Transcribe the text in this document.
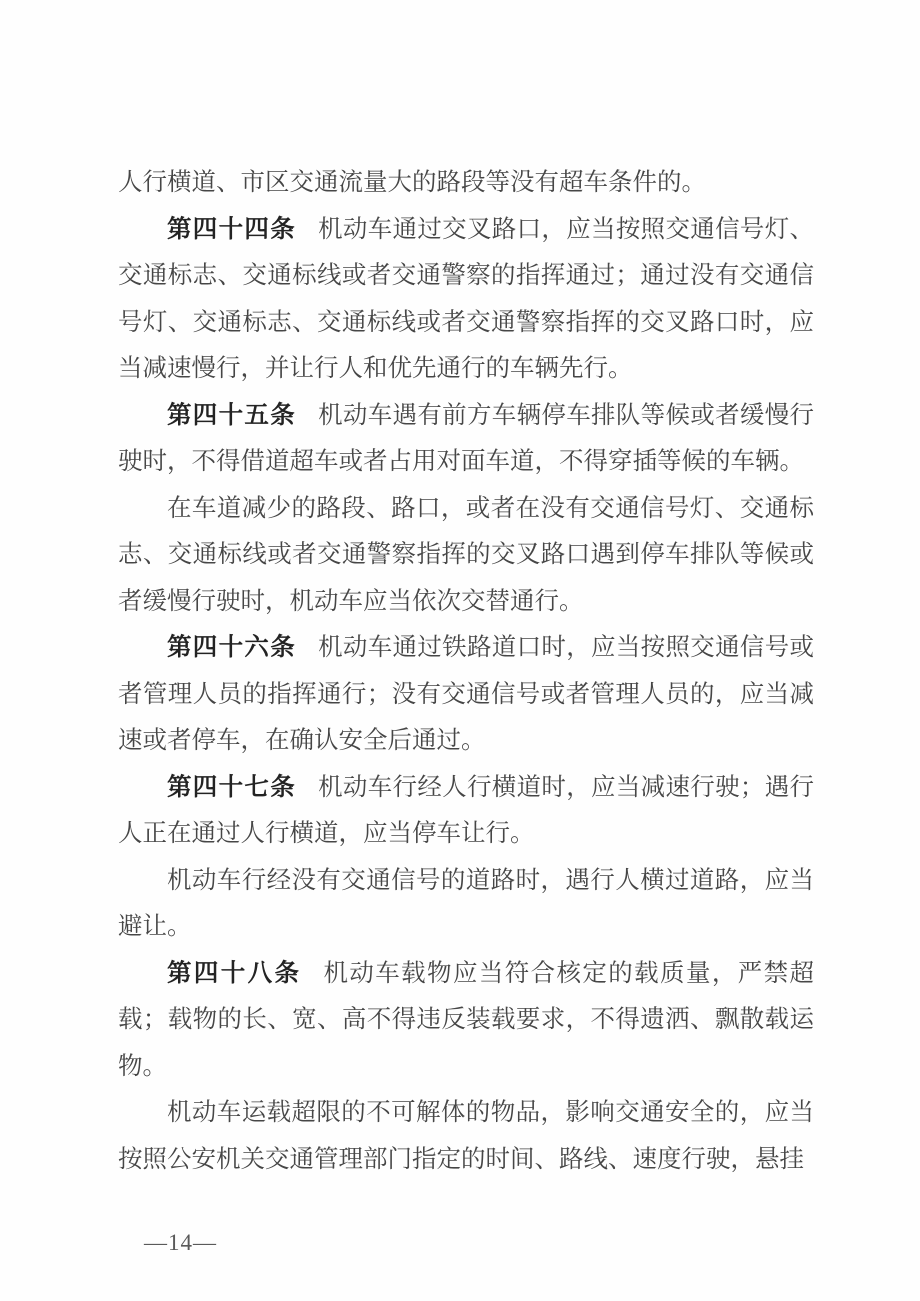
人行横道、市区交通流量大的路段等没有超车条件的。

第四十四条 机动车通过交叉路口，应当按照交通信号灯、交通标志、交通标线或者交通警察的指挥通过；通过没有交通信号灯、交通标志、交通标线或者交通警察指挥的交叉路口时，应当减速慢行，并让行人和优先通行的车辆先行。

第四十五条 机动车遇有前方车辆停车排队等候或者缓慢行驶时，不得借道超车或者占用对面车道，不得穿插等候的车辆。

在车道减少的路段、路口，或者在没有交通信号灯、交通标志、交通标线或者交通警察指挥的交叉路口遇到停车排队等候或者缓慢行驶时，机动车应当依次交替通行。

第四十六条 机动车通过铁路道口时，应当按照交通信号或者管理人员的指挥通行；没有交通信号或者管理人员的，应当减速或者停车，在确认安全后通过。

第四十七条 机动车行经人行横道时，应当减速行驶；遇行人正在通过人行横道，应当停车让行。

机动车行经没有交通信号的道路时，遇行人横过道路，应当避让。

第四十八条 机动车载物应当符合核定的载质量，严禁超载；载物的长、宽、高不得违反装载要求，不得遗洒、飘散载运物。

机动车运载超限的不可解体的物品，影响交通安全的，应当按照公安机关交通管理部门指定的时间、路线、速度行驶，悬挂

—14—
